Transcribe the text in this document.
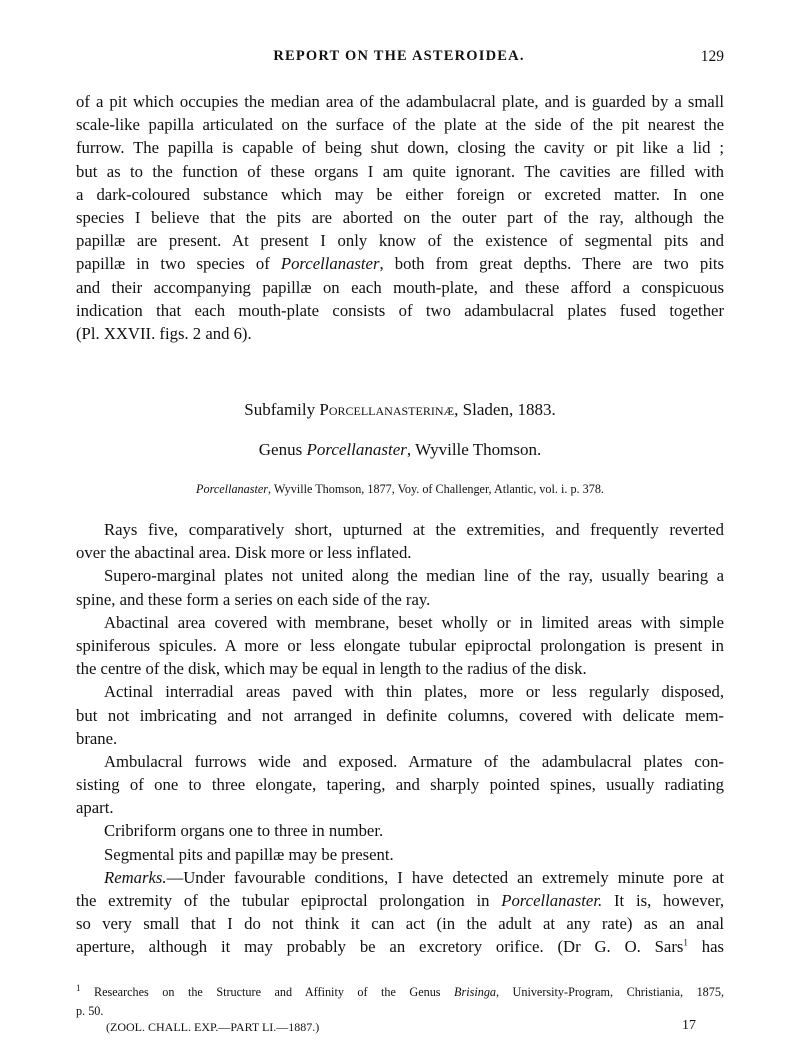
REPORT ON THE ASTEROIDEA.	129
of a pit which occupies the median area of the adambulacral plate, and is guarded by a small
scale-like papilla articulated on the surface of the plate at the side of the pit nearest the
furrow. The papilla is capable of being shut down, closing the cavity or pit like a lid ;
but as to the function of these organs I am quite ignorant. The cavities are filled with
a dark-coloured substance which may be either foreign or excreted matter. In one
species I believe that the pits are aborted on the outer part of the ray, although the
papillæ are present. At present I only know of the existence of segmental pits and
papillæ in two species of Porcellanaster, both from great depths. There are two pits
and their accompanying papillæ on each mouth-plate, and these afford a conspicuous
indication that each mouth-plate consists of two adambulacral plates fused together
(Pl. XXVII. figs. 2 and 6).
Subfamily Porcellanasterinæ, Sladen, 1883.
Genus Porcellanaster, Wyville Thomson.
Porcellanaster, Wyville Thomson, 1877, Voy. of Challenger, Atlantic, vol. i. p. 378.
Rays five, comparatively short, upturned at the extremities, and frequently reverted
over the abactinal area. Disk more or less inflated.
Supero-marginal plates not united along the median line of the ray, usually bearing a
spine, and these form a series on each side of the ray.
Abactinal area covered with membrane, beset wholly or in limited areas with simple
spiniferous spicules. A more or less elongate tubular epiproctal prolongation is present in
the centre of the disk, which may be equal in length to the radius of the disk.
Actinal interradial areas paved with thin plates, more or less regularly disposed,
but not imbricating and not arranged in definite columns, covered with delicate mem-
brane.
Ambulacral furrows wide and exposed. Armature of the adambulacral plates con-
sisting of one to three elongate, tapering, and sharply pointed spines, usually radiating
apart.
Cribriform organs one to three in number.
Segmental pits and papillæ may be present.
Remarks.—Under favourable conditions, I have detected an extremely minute pore at
the extremity of the tubular epiproctal prolongation in Porcellanaster. It is, however,
so very small that I do not think it can act (in the adult at any rate) as an anal
aperture, although it may probably be an excretory orifice. (Dr G. O. Sars$^1$ has
$^1$ Researches on the Structure and Affinity of the Genus Brisinga, University-Program, Christiania, 1875,
p. 50.
(ZOOL. CHALL. EXP.—PART LI.—1887.)	17
